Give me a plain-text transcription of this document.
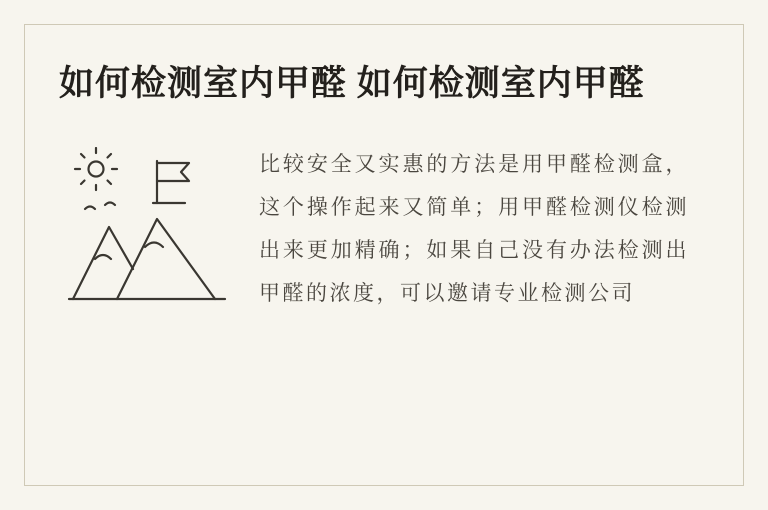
如何检测室内甲醛 如何检测室内甲醛
比较安全又实惠的方法是用甲醛检测盒，这个操作起来又简单；用甲醛检测仪检测出来更加精确；如果自己没有办法检测出甲醛的浓度，可以邀请专业检测公司
